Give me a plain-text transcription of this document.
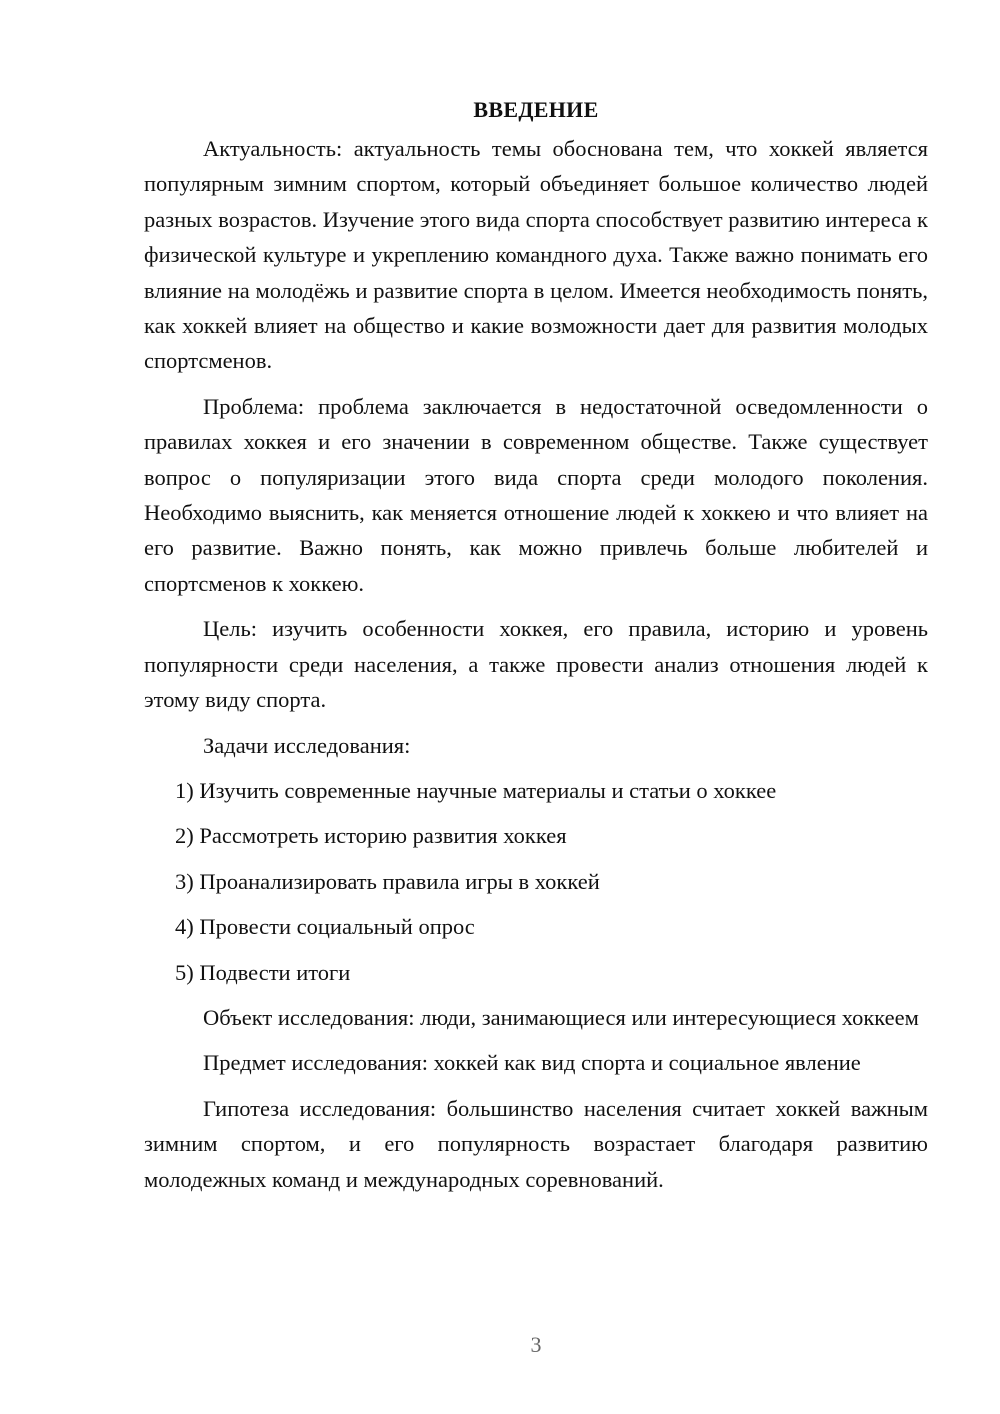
ВВЕДЕНИЕ

Актуальность: актуальность темы обоснована тем, что хоккей является популярным зимним спортом, который объединяет большое количество людей разных возрастов. Изучение этого вида спорта способствует развитию интереса к физической культуре и укреплению командного духа. Также важно понимать его влияние на молодёжь и развитие спорта в целом. Имеется необходимость понять, как хоккей влияет на общество и какие возможности дает для развития молодых спортсменов.

Проблема: проблема заключается в недостаточной осведомленности о правилах хоккея и его значении в современном обществе. Также существует вопрос о популяризации этого вида спорта среди молодого поколения. Необходимо выяснить, как меняется отношение людей к хоккею и что влияет на его развитие. Важно понять, как можно привлечь больше любителей и спортсменов к хоккею.

Цель: изучить особенности хоккея, его правила, историю и уровень популярности среди населения, а также провести анализ отношения людей к этому виду спорта.

Задачи исследования:

1) Изучить современные научные материалы и статьи о хоккее

2) Рассмотреть историю развития хоккея

3) Проанализировать правила игры в хоккей

4) Провести социальный опрос

5) Подвести итоги

Объект исследования: люди, занимающиеся или интересующиеся хоккеем

Предмет исследования: хоккей как вид спорта и социальное явление

Гипотеза исследования: большинство населения считает хоккей важным зимним спортом, и его популярность возрастает благодаря развитию молодежных команд и международных соревнований.

3
